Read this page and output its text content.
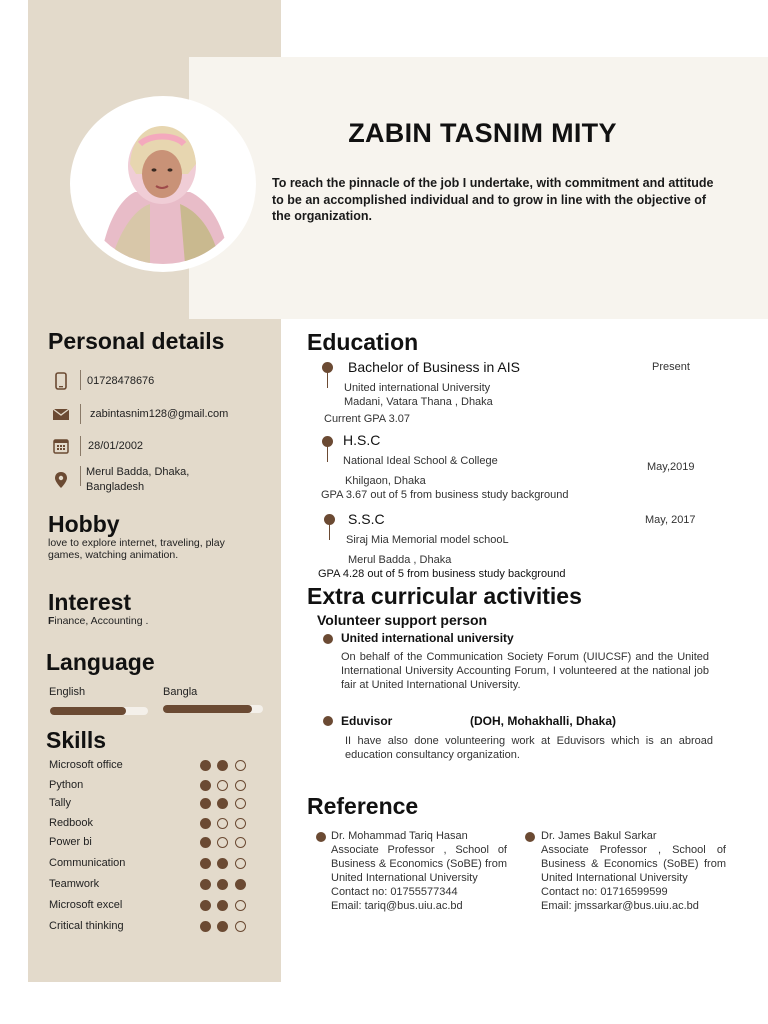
ZABIN TASNIM MITY
To reach the pinnacle of the job I undertake, with commitment and attitude to be an accomplished individual and to grow in line with the objective of the organization.
Personal details
01728478676
zabintasnim128@gmail.com
28/01/2002
Merul Badda, Dhaka,
Bangladesh
Hobby
love to explore internet, traveling, play
games, watching animation.
Interest
Finance, Accounting .
Language
English	Bangla
Skills
Microsoft office
Python
Tally
Redbook
Power bi
Communication
Teamwork
Microsoft excel
Critical thinking
Education
Bachelor of Business in AIS	Present
United international University
Madani, Vatara Thana , Dhaka
Current GPA 3.07
H.S.C
May,2019
National Ideal School & College
Khilgaon, Dhaka
GPA 3.67 out of 5 from business study background
S.S.C	May, 2017
Siraj Mia Memorial model schooL
Merul Badda , Dhaka
GPA 4.28 out of 5 from business study background
Extra curricular activities
Volunteer support person
United international university
On behalf of the Communication Society Forum (UIUCSF) and the United International University Accounting Forum, I volunteered at the national job fair at United International University.
Eduvisor	(DOH, Mohakhalli, Dhaka)
II have also done volunteering work at Eduvisors which is an abroad education consultancy organization.
Reference
Dr. Mohammad Tariq Hasan
Associate Professor , School of Business & Economics (SoBE) from United International University
Contact no: 01755577344
Email: tariq@bus.uiu.ac.bd
Dr. James Bakul Sarkar
Associate Professor , School of Business & Economics (SoBE) from United International University
Contact no: 01716599599
Email: jmssarkar@bus.uiu.ac.bd
